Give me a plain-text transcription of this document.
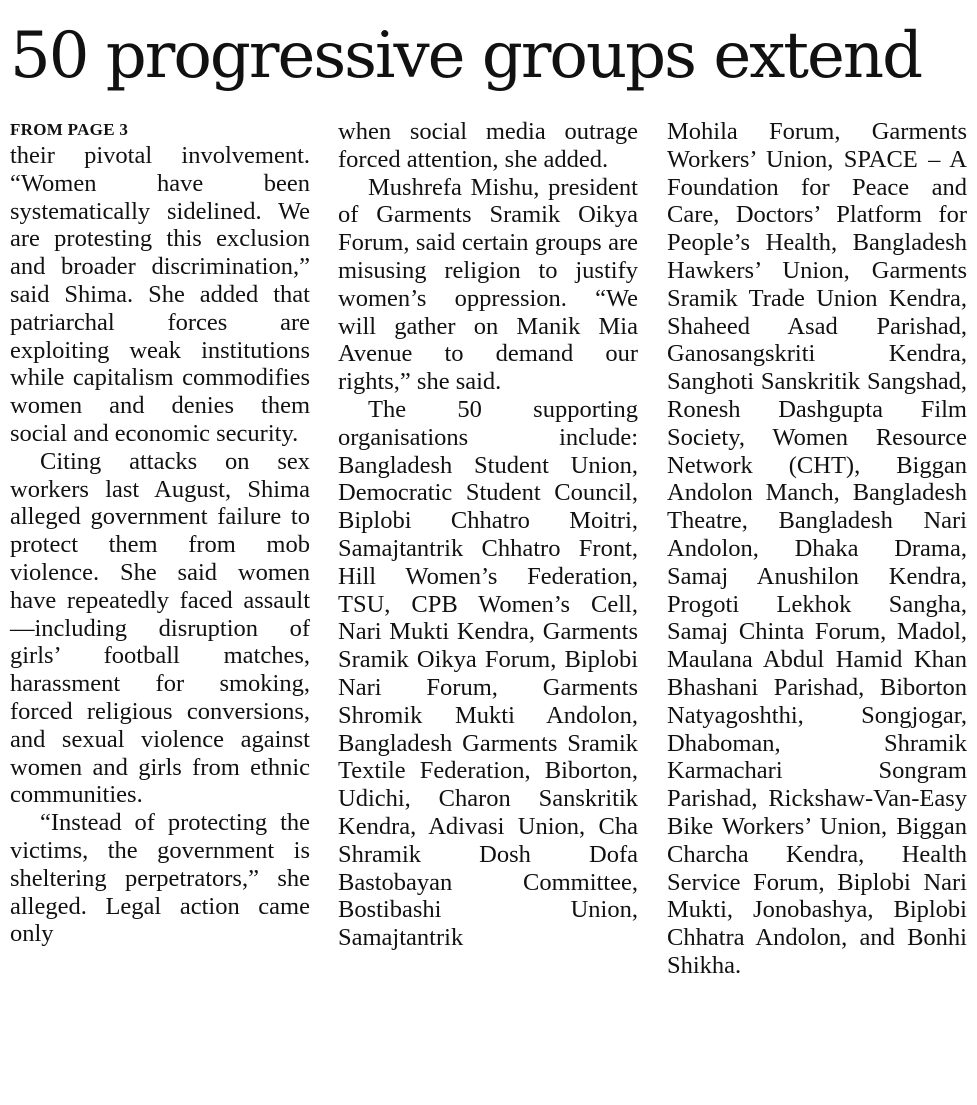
50 progressive groups extend
FROM PAGE 3

their pivotal involvement. “Women have been systematically sidelined. We are protesting this exclusion and broader discrimination,” said Shima. She added that patriarchal forces are exploiting weak institutions while capitalism commodifies women and denies them social and economic security.

Citing attacks on sex workers last August, Shima alleged government failure to protect them from mob violence. She said women have repeatedly faced assault—including disruption of girls’ football matches, harassment for smoking, forced religious conversions, and sexual violence against women and girls from ethnic communities.

“Instead of protecting the victims, the government is sheltering perpetrators,” she alleged. Legal action came only

when social media outrage forced attention, she added.

Mushrefa Mishu, president of Garments Sramik Oikya Forum, said certain groups are misusing religion to justify women’s oppression. “We will gather on Manik Mia Avenue to demand our rights,” she said.

The 50 supporting organisations include: Bangladesh Student Union, Democratic Student Council, Biplobi Chhatro Moitri, Samajtantrik Chhatro Front, Hill Women’s Federation, TSU, CPB Women’s Cell, Nari Mukti Kendra, Garments Sramik Oikya Forum, Biplobi Nari Forum, Garments Shromik Mukti Andolon, Bangladesh Garments Sramik Textile Federation, Biborton, Udichi, Charon Sanskritik Kendra, Adivasi Union, Cha Shramik Dosh Dofa Bastobayan Committee, Bostibashi Union, Samajtantrik

Mohila Forum, Garments Workers’ Union, SPACE – A Foundation for Peace and Care, Doctors’ Platform for People’s Health, Bangladesh Hawkers’ Union, Garments Sramik Trade Union Kendra, Shaheed Asad Parishad, Ganosangskriti Kendra, Sanghoti Sanskritik Sangshad, Ronesh Dashgupta Film Society, Women Resource Network (CHT), Biggan Andolon Manch, Bangladesh Theatre, Bangladesh Nari Andolon, Dhaka Drama, Samaj Anushilon Kendra, Progoti Lekhok Sangha, Samaj Chinta Forum, Madol, Maulana Abdul Hamid Khan Bhashani Parishad, Biborton Natyagoshthi, Songjogar, Dhaboman, Shramik Karmachari Songram Parishad, Rickshaw-Van-Easy Bike Workers’ Union, Biggan Charcha Kendra, Health Service Forum, Biplobi Nari Mukti, Jonobashya, Biplobi Chhatra Andolon, and Bonhi Shikha.
